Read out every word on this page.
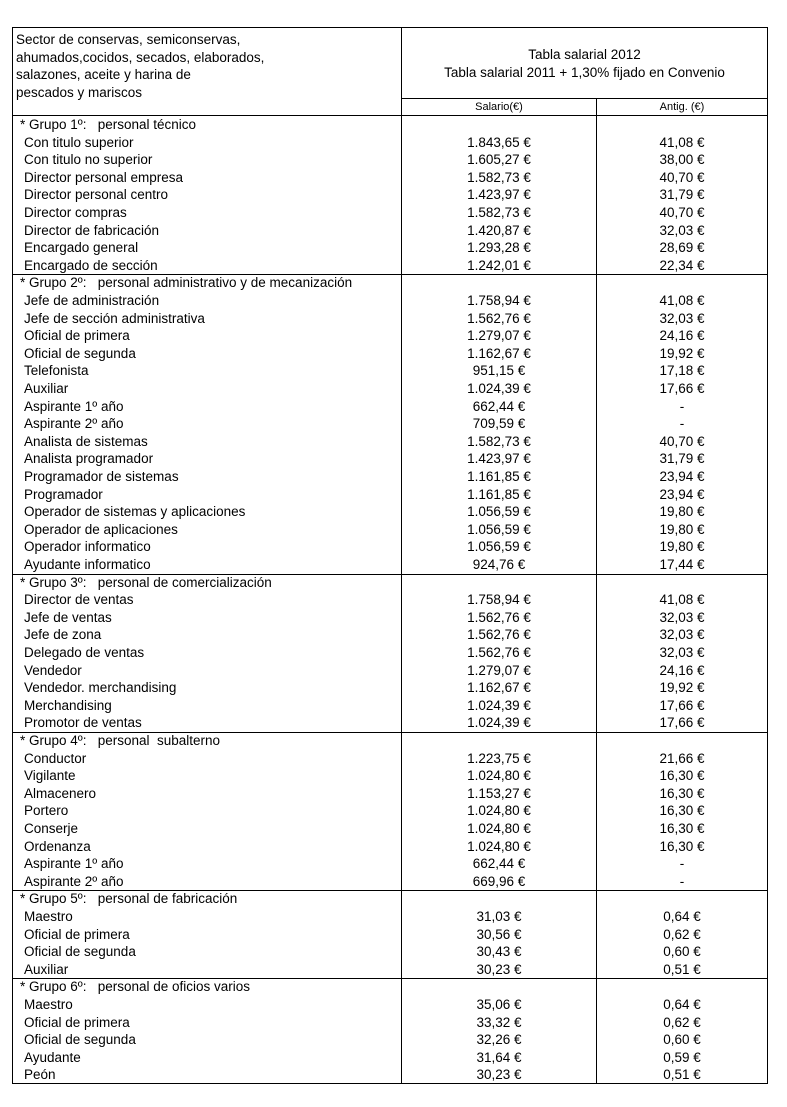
Sector de conservas, semiconservas,
ahumados,cocidos, secados, elaborados,
salazones, aceite y harina de
pescados y mariscos
Tabla salarial 2012
Tabla salarial 2011 + 1,30% fijado en Convenio
Salario(€)	Antig. (€)
* Grupo 1º:   personal técnico
Con titulo superior	1.843,65 €	41,08 €
Con titulo no superior	1.605,27 €	38,00 €
Director personal empresa	1.582,73 €	40,70 €
Director personal centro	1.423,97 €	31,79 €
Director compras	1.582,73 €	40,70 €
Director de fabricación	1.420,87 €	32,03 €
Encargado general	1.293,28 €	28,69 €
Encargado de sección	1.242,01 €	22,34 €
* Grupo 2º:   personal administrativo y de mecanización
Jefe de administración	1.758,94 €	41,08 €
Jefe de sección administrativa	1.562,76 €	32,03 €
Oficial de primera	1.279,07 €	24,16 €
Oficial de segunda	1.162,67 €	19,92 €
Telefonista	951,15 €	17,18 €
Auxiliar	1.024,39 €	17,66 €
Aspirante 1º año	662,44 €	-
Aspirante 2º año	709,59 €	-
Analista de sistemas	1.582,73 €	40,70 €
Analista programador	1.423,97 €	31,79 €
Programador de sistemas	1.161,85 €	23,94 €
Programador	1.161,85 €	23,94 €
Operador de sistemas y aplicaciones	1.056,59 €	19,80 €
Operador de aplicaciones	1.056,59 €	19,80 €
Operador informatico	1.056,59 €	19,80 €
Ayudante informatico	924,76 €	17,44 €
* Grupo 3º:   personal de comercialización
Director de ventas	1.758,94 €	41,08 €
Jefe de ventas	1.562,76 €	32,03 €
Jefe de zona	1.562,76 €	32,03 €
Delegado de ventas	1.562,76 €	32,03 €
Vendedor	1.279,07 €	24,16 €
Vendedor. merchandising	1.162,67 €	19,92 €
Merchandising	1.024,39 €	17,66 €
Promotor de ventas	1.024,39 €	17,66 €
* Grupo 4º:   personal  subalterno
Conductor	1.223,75 €	21,66 €
Vigilante	1.024,80 €	16,30 €
Almacenero	1.153,27 €	16,30 €
Portero	1.024,80 €	16,30 €
Conserje	1.024,80 €	16,30 €
Ordenanza	1.024,80 €	16,30 €
Aspirante 1º año	662,44 €	-
Aspirante 2º año	669,96 €	-
* Grupo 5º:   personal de fabricación
Maestro	31,03 €	0,64 €
Oficial de primera	30,56 €	0,62 €
Oficial de segunda	30,43 €	0,60 €
Auxiliar	30,23 €	0,51 €
* Grupo 6º:   personal de oficios varios
Maestro	35,06 €	0,64 €
Oficial de primera	33,32 €	0,62 €
Oficial de segunda	32,26 €	0,60 €
Ayudante	31,64 €	0,59 €
Peón	30,23 €	0,51 €
